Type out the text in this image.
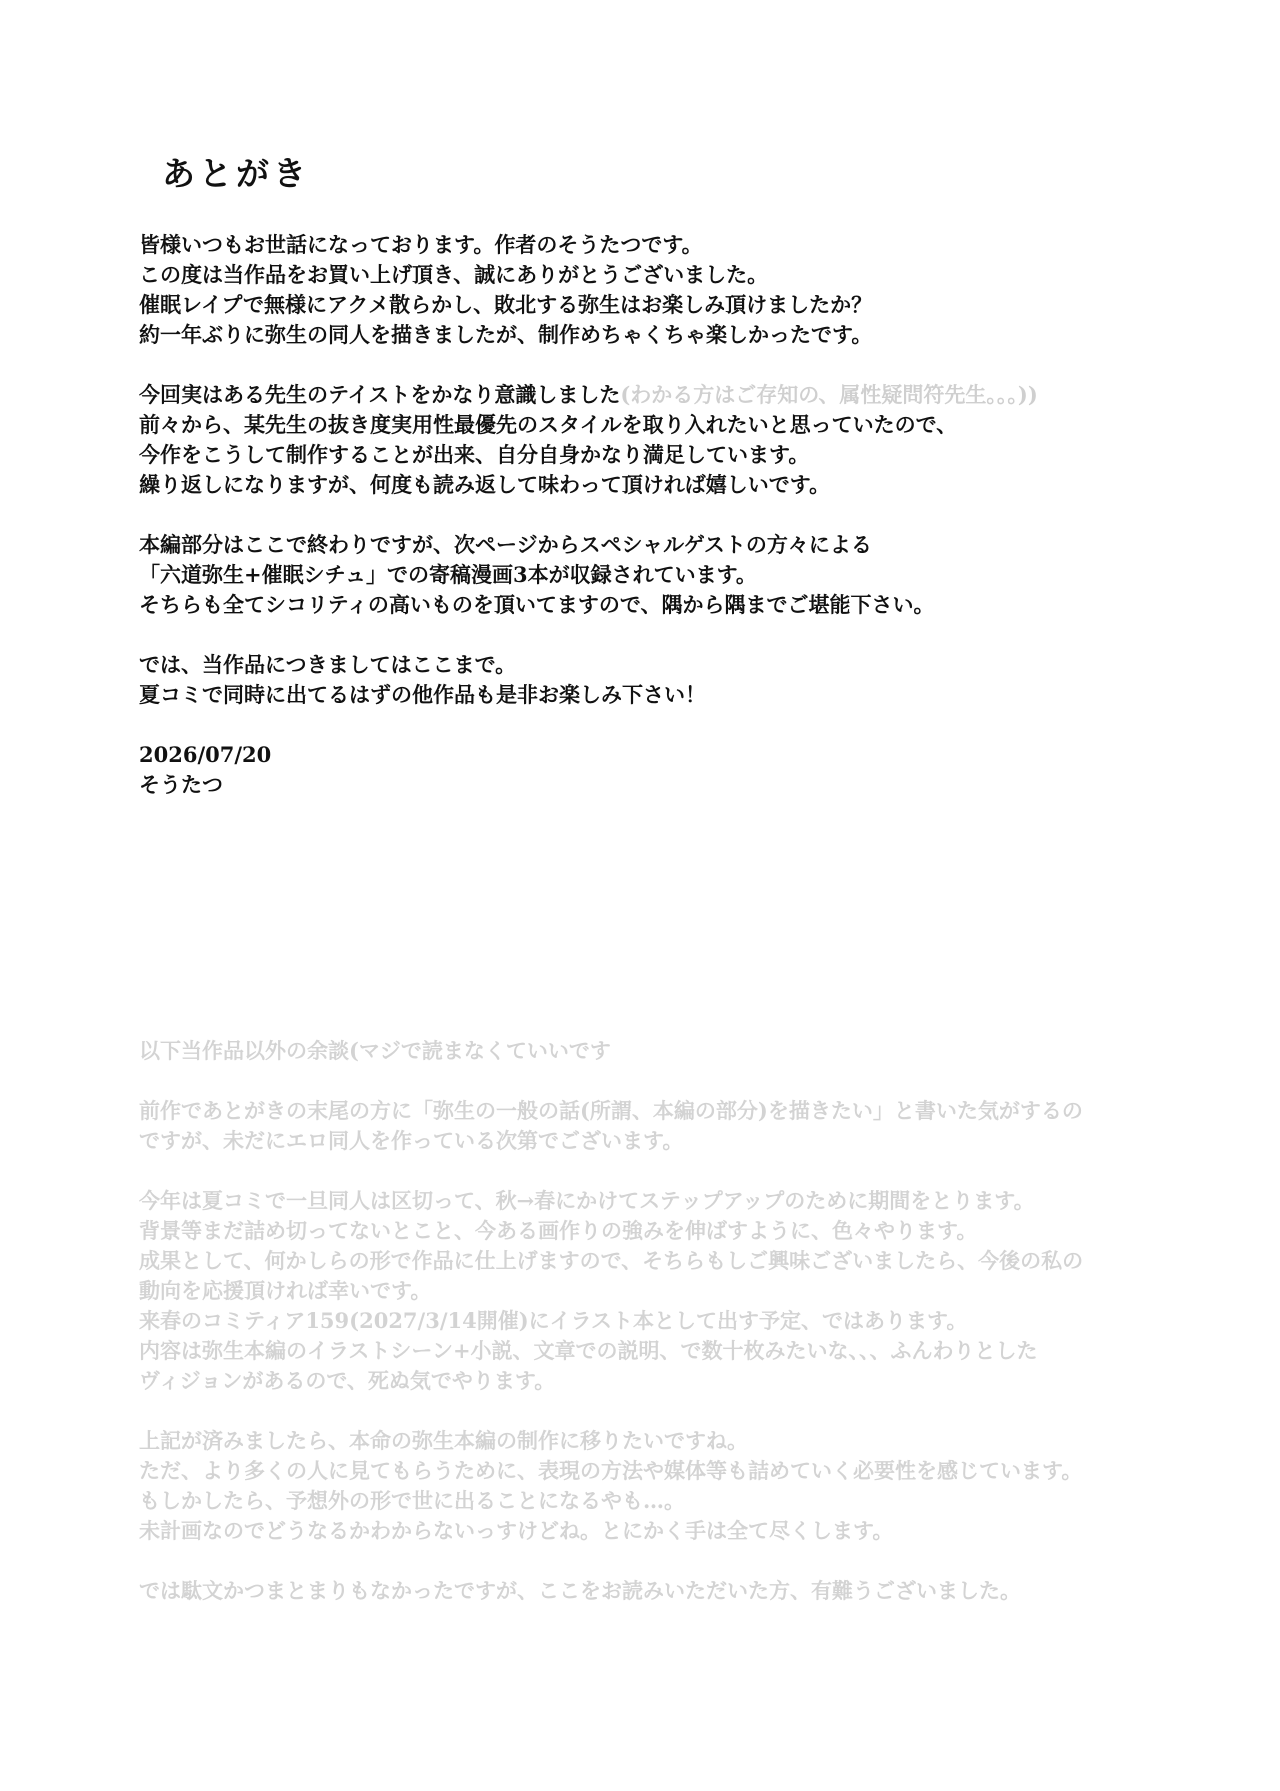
あとがき
皆様いつもお世話になっております。作者のそうたつです。
この度は当作品をお買い上げ頂き、誠にありがとうございました。
催眠レイプで無様にアクメ散らかし、敗北する弥生はお楽しみ頂けましたか？
約一年ぶりに弥生の同人を描きましたが、制作めちゃくちゃ楽しかったです。
今回実はある先生のテイストをかなり意識しました(わかる方はご存知の、属性疑問符先生。。。))
前々から、某先生の抜き度実用性最優先のスタイルを取り入れたいと思っていたので、
今作をこうして制作することが出来、自分自身かなり満足しています。
繰り返しになりますが、何度も読み返して味わって頂ければ嬉しいです。
本編部分はここで終わりですが、次ページからスペシャルゲストの方々による
「六道弥生+催眠シチュ」での寄稿漫画3本が収録されています。
そちらも全てシコリティの高いものを頂いてますので、隅から隅までご堪能下さい。
では、当作品につきましてはここまで。
夏コミで同時に出てるはずの他作品も是非お楽しみ下さい！
2026/07/20
そうたつ
以下当作品以外の余談(マジで読まなくていいです
前作であとがきの末尾の方に「弥生の一般の話(所謂、本編の部分)を描きたい」と書いた気がするの
ですが、未だにエロ同人を作っている次第でございます。
今年は夏コミで一旦同人は区切って、秋→春にかけてステップアップのために期間をとります。
背景等まだ詰め切ってないとこと、今ある画作りの強みを伸ばすように、色々やります。
成果として、何かしらの形で作品に仕上げますので、そちらもしご興味ございましたら、今後の私の
動向を応援頂ければ幸いです。
来春のコミティア159(2027/3/14開催)にイラスト本として出す予定、ではあります。
内容は弥生本編のイラストシーン+小説、文章での説明、で数十枚みたいな、、、ふんわりとした
ヴィジョンがあるので、死ぬ気でやります。
上記が済みましたら、本命の弥生本編の制作に移りたいですね。
ただ、より多くの人に見てもらうために、表現の方法や媒体等も詰めていく必要性を感じています。
もしかしたら、予想外の形で世に出ることになるやも…。
未計画なのでどうなるかわからないっすけどね。とにかく手は全て尽くします。
では駄文かつまとまりもなかったですが、ここをお読みいただいた方、有難うございました。
